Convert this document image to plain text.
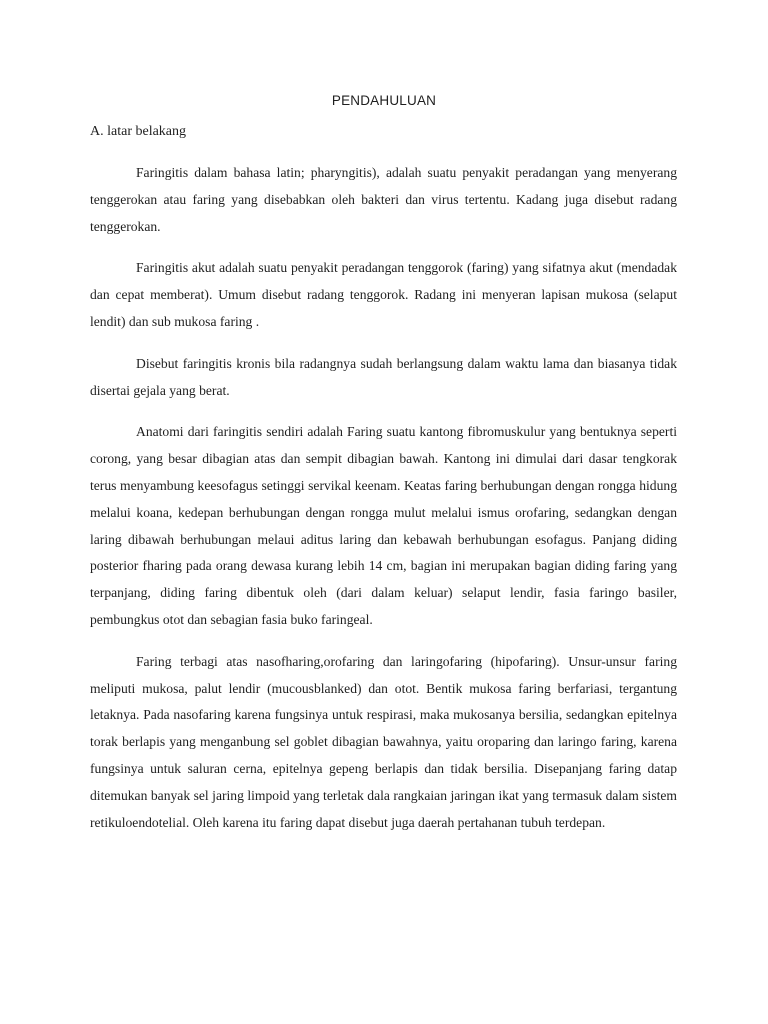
PENDAHULUAN
A. latar belakang

Faringitis dalam bahasa latin; pharyngitis), adalah suatu penyakit peradangan yang menyerang tenggerokan atau faring yang disebabkan oleh bakteri dan virus tertentu. Kadang juga disebut radang tenggerokan.

Faringitis akut adalah suatu penyakit peradangan tenggorok (faring) yang sifatnya akut (mendadak dan cepat memberat). Umum disebut radang tenggorok. Radang ini menyeran lapisan mukosa (selaput lendit) dan sub mukosa faring .

Disebut faringitis kronis bila radangnya sudah berlangsung dalam waktu lama dan biasanya tidak disertai gejala yang berat.

Anatomi dari faringitis sendiri adalah Faring suatu kantong fibromuskulur yang bentuknya seperti corong, yang besar dibagian atas dan sempit dibagian bawah. Kantong ini dimulai dari dasar tengkorak terus menyambung keesofagus setinggi servikal keenam. Keatas faring berhubungan dengan rongga hidung melalui koana, kedepan berhubungan dengan rongga mulut melalui ismus orofaring, sedangkan dengan laring dibawah berhubungan melaui aditus laring dan kebawah berhubungan esofagus. Panjang diding posterior fharing pada orang dewasa kurang lebih 14 cm, bagian ini merupakan bagian diding faring yang terpanjang, diding faring dibentuk oleh (dari dalam keluar) selaput lendir, fasia faringo basiler, pembungkus otot dan sebagian fasia buko faringeal.

Faring terbagi atas nasofharing,orofaring dan laringofaring (hipofaring). Unsur-unsur faring meliputi mukosa, palut lendir (mucousblanked) dan otot. Bentik mukosa faring berfariasi, tergantung letaknya. Pada nasofaring karena fungsinya untuk respirasi, maka mukosanya bersilia, sedangkan epitelnya torak berlapis yang menganbung sel goblet dibagian bawahnya, yaitu oroparing dan laringo faring, karena fungsinya untuk saluran cerna, epitelnya gepeng berlapis dan tidak bersilia. Disepanjang faring datap ditemukan banyak sel jaring limpoid yang terletak dala rangkaian jaringan ikat yang termasuk dalam sistem retikuloendotelial. Oleh karena itu faring dapat disebut juga daerah pertahanan tubuh terdepan.
